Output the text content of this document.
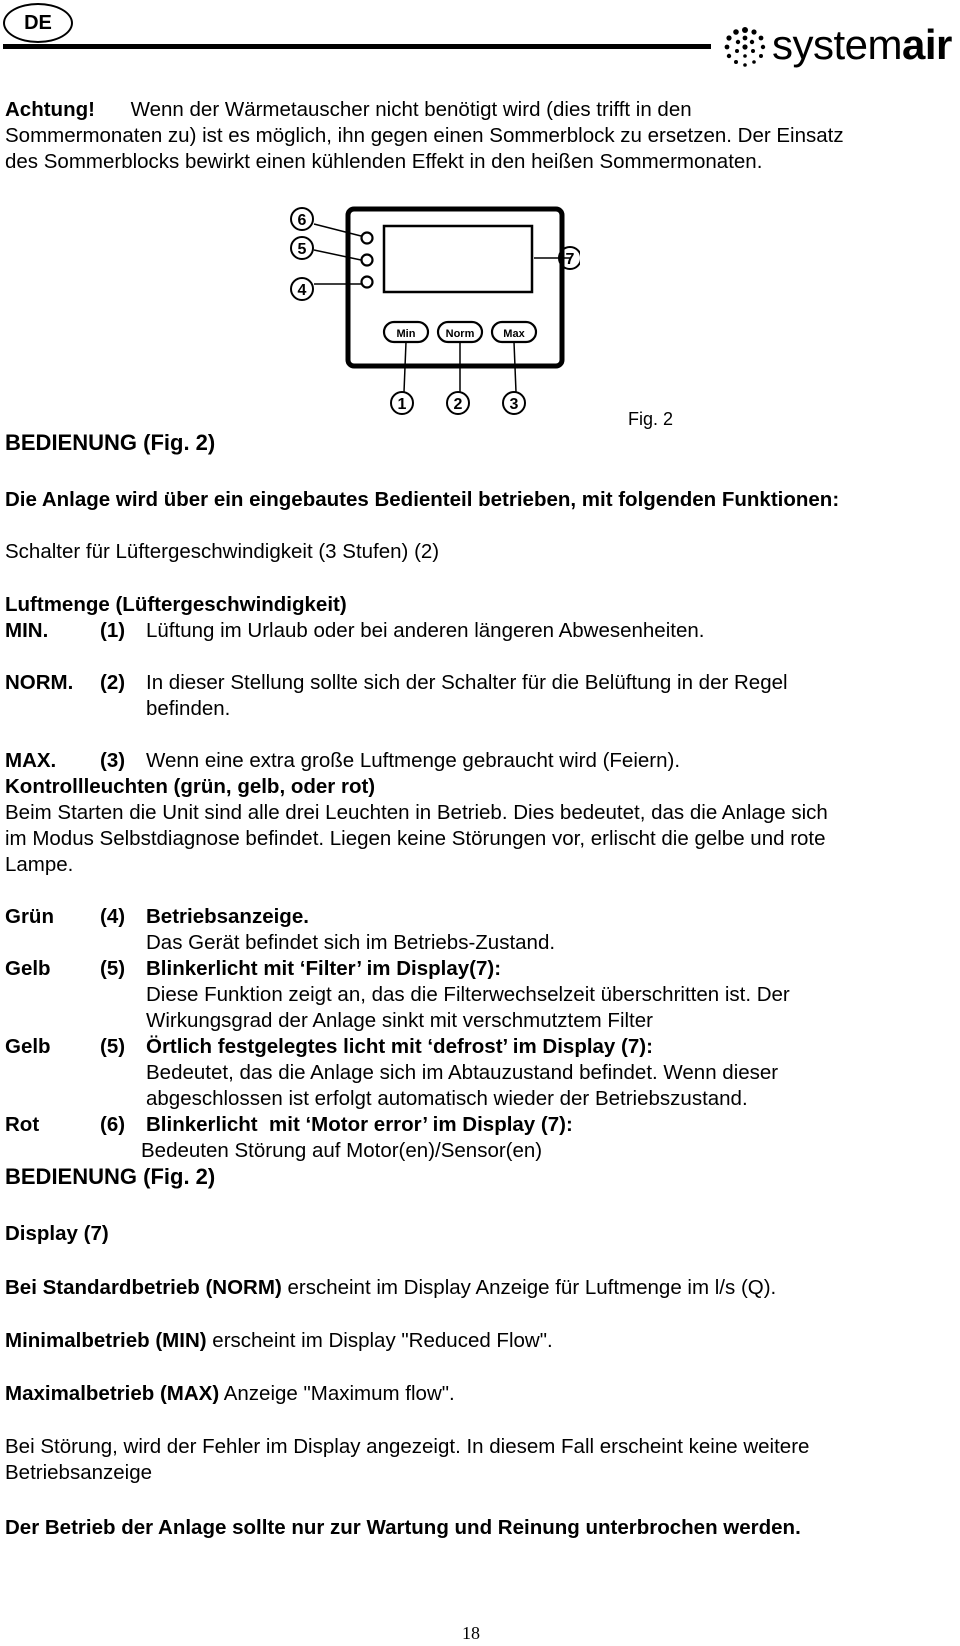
DE	systemair
Achtung! Wenn der Wärmetauscher nicht benötigt wird (dies trifft in den
Sommermonaten zu) ist es möglich, ihn gegen einen Sommerblock zu ersetzen. Der Einsatz
des Sommerblocks bewirkt einen kühlenden Effekt in den heißen Sommermonaten.
6
5
4
7
1	2	3
Min	Norm	Max
Fig. 2
BEDIENUNG (Fig. 2)
Die Anlage wird über ein eingebautes Bedienteil betrieben, mit folgenden Funktionen:
Schalter für Lüftergeschwindigkeit (3 Stufen) (2)
Luftmenge (Lüftergeschwindigkeit)
MIN.	(1) Lüftung im Urlaub oder bei anderen längeren Abwesenheiten.
NORM. (2) In dieser Stellung sollte sich der Schalter für die Belüftung in der Regel
befinden.
MAX. (3) Wenn eine extra große Luftmenge gebraucht wird (Feiern).
Kontrollleuchten (grün, gelb, oder rot)
Beim Starten die Unit sind alle drei Leuchten in Betrieb. Dies bedeutet, das die Anlage sich
im Modus Selbstdiagnose befindet. Liegen keine Störungen vor, erlischt die gelbe und rote
Lampe.
Grün (4) Betriebsanzeige.
Das Gerät befindet sich im Betriebs-Zustand.
Gelb (5) Blinkerlicht mit ‘Filter’ im Display(7):
Diese Funktion zeigt an, das die Filterwechselzeit überschritten ist. Der
Wirkungsgrad der Anlage sinkt mit verschmutztem Filter
Gelb (5) Örtlich festgelegtes licht mit ‘defrost’ im Display (7):
Bedeutet, das die Anlage sich im Abtauzustand befindet. Wenn dieser
abgeschlossen ist erfolgt automatisch wieder der Betriebszustand.
Rot	(6) Blinkerlicht  mit ‘Motor error’ im Display (7):
Bedeuten Störung auf Motor(en)/Sensor(en)
BEDIENUNG (Fig. 2)
Display (7)
Bei Standardbetrieb (NORM) erscheint im Display Anzeige für Luftmenge im l/s (Q).
Minimalbetrieb (MIN) erscheint im Display "Reduced Flow".
Maximalbetrieb (MAX) Anzeige "Maximum flow".
Bei Störung, wird der Fehler im Display angezeigt. In diesem Fall erscheint keine weitere
Betriebsanzeige
Der Betrieb der Anlage sollte nur zur Wartung und Reinung unterbrochen werden.
18
